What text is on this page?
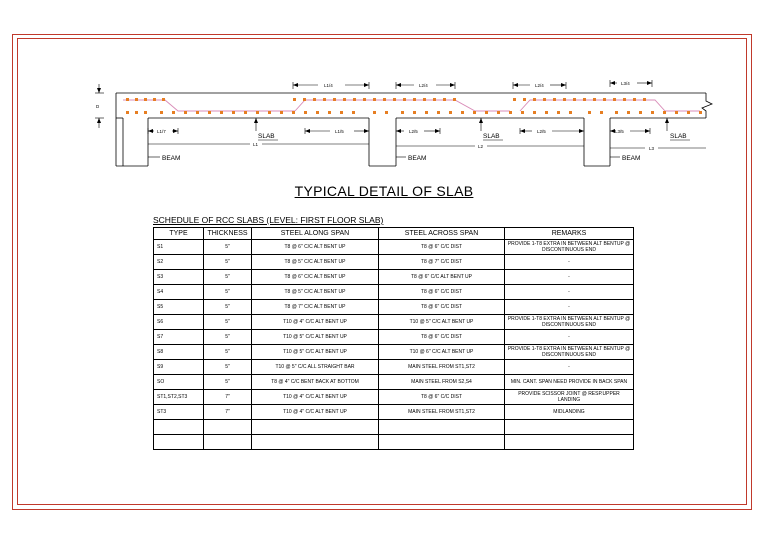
L1/4	L2/4	L2/4	L3/4
L1/7	L1/5	L2/5	L2/5	L3/5
L1	L2	L3
D
SLAB	SLAB	SLAB
BEAM	BEAM	BEAM
TYPICAL DETAIL OF SLAB
SCHEDULE OF RCC SLABS (LEVEL: FIRST FLOOR SLAB)
TYPE	THICKNESS	STEEL ALONG SPAN	STEEL ACROSS SPAN	REMARKS
S1	5"	T8 @ 6" C/C ALT BENT UP	T8 @ 6" C/C DIST	PROVIDE 1-T8 EXTRA IN BETWEEN ALT BENTUP @ DISCONTINUOUS END
S2	5"	T8 @ 5" C/C ALT BENT UP	T8 @ 7" C/C DIST	-
S3	5"	T8 @ 6" C/C ALT BENT UP	T8 @ 6" C/C ALT BENT UP	-
S4	5"	T8 @ 5" C/C ALT BENT UP	T8 @ 6" C/C DIST	-
S5	5"	T8 @ 7" C/C ALT BENT UP	T8 @ 6" C/C DIST	-
S6	5"	T10 @ 4" C/C ALT BENT UP	T10 @ 5" C/C ALT BENT UP	PROVIDE 1-T8 EXTRA IN BETWEEN ALT BENTUP @ DISCONTINUOUS END
S7	5"	T10 @ 5" C/C ALT BENT UP	T8 @ 6" C/C DIST	-
S8	5"	T10 @ 5" C/C ALT BENT UP	T10 @ 6" C/C ALT BENT UP	PROVIDE 1-T8 EXTRA IN BETWEEN ALT BENTUP @ DISCONTINUOUS END
S9	5"	T10 @ 5" C/C ALL STRAIGHT BAR	MAIN STEEL FROM ST1,ST2	-
SO	5"	T8 @ 4" C/C BENT BACK AT BOTTOM	MAIN STEEL FROM S2,S4	MIN. CANT. SPAN NEED PROVIDE IN BACK SPAN
ST1,ST2,ST3	7"	T10 @ 4" C/C ALT BENT UP	T8 @ 6" C/C DIST	PROVIDE SCISSOR JOINT @ RESP.UPPER LANDING
ST3	7"	T10 @ 4" C/C ALT BENT UP	MAIN STEEL FROM ST1,ST2	MIDLANDING
